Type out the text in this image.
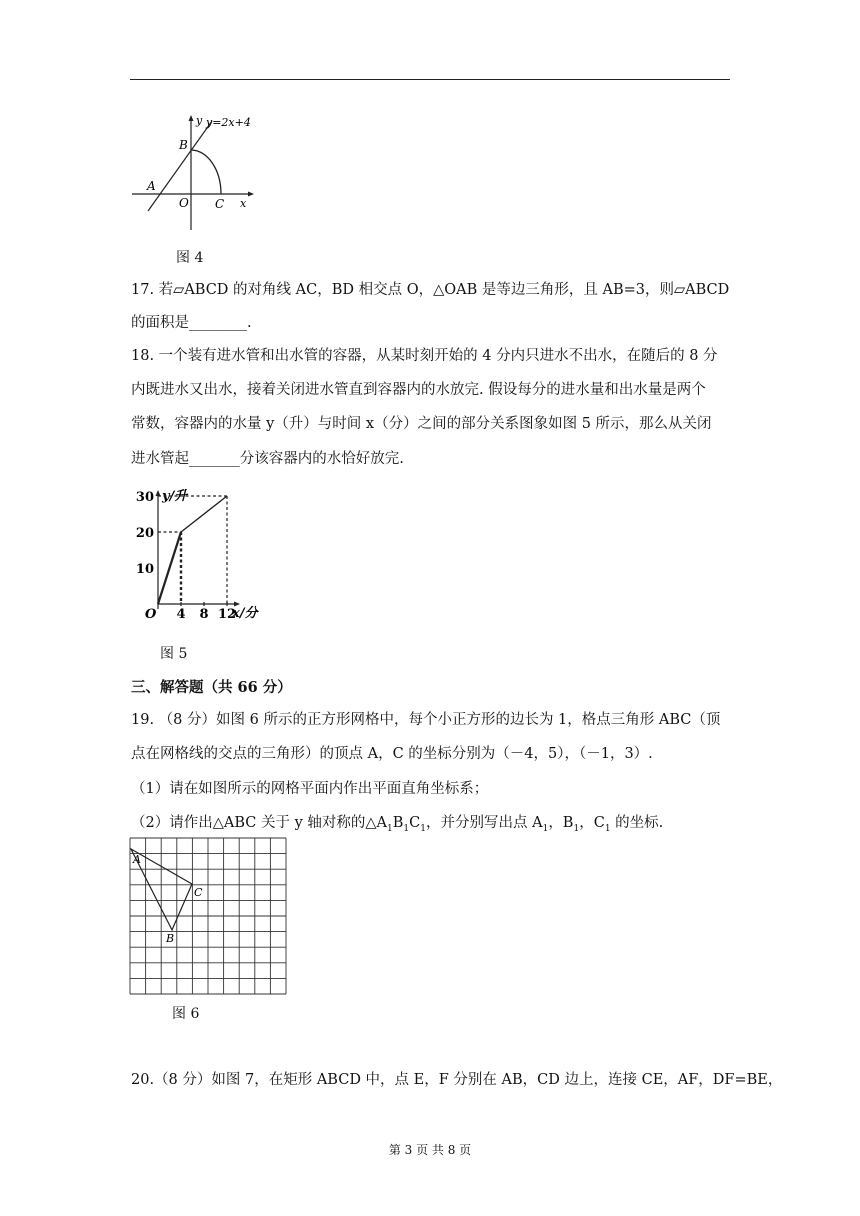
y y=2x+4
B
A
O C x
图 4
17. 若▱ABCD 的对角线 AC，BD 相交点 O，△OAB 是等边三角形，且 AB=3，则▱ABCD
的面积是________.
18. 一个装有进水管和出水管的容器，从某时刻开始的 4 分内只进水不出水，在随后的 8 分
内既进水又出水，接着关闭进水管直到容器内的水放完. 假设每分的进水量和出水量是两个
常数，容器内的水量 y（升）与时间 x（分）之间的部分关系图象如图 5 所示，那么从关闭
进水管起_______分该容器内的水恰好放完.
y/升
x/分
O
10
20
30
4 8 12
图 5
三、解答题（共 66 分）
19. （8 分）如图 6 所示的正方形网格中，每个小正方形的边长为 1，格点三角形 ABC（顶
点在网格线的交点的三角形）的顶点 A，C 的坐标分别为（－4，5），（－1，3）.
（1）请在如图所示的网格平面内作出平面直角坐标系；
（2）请作出△ABC 关于 y 轴对称的$\triangle A_1B_1C_1$，并分别写出点 $A_1$，$B_1$，$C_1$ 的坐标.
A
C
B
图 6
20.（8 分）如图 7，在矩形 ABCD 中，点 E，F 分别在 AB，CD 边上，连接 CE，AF，DF=BE，
第 3 页 共 8 页
